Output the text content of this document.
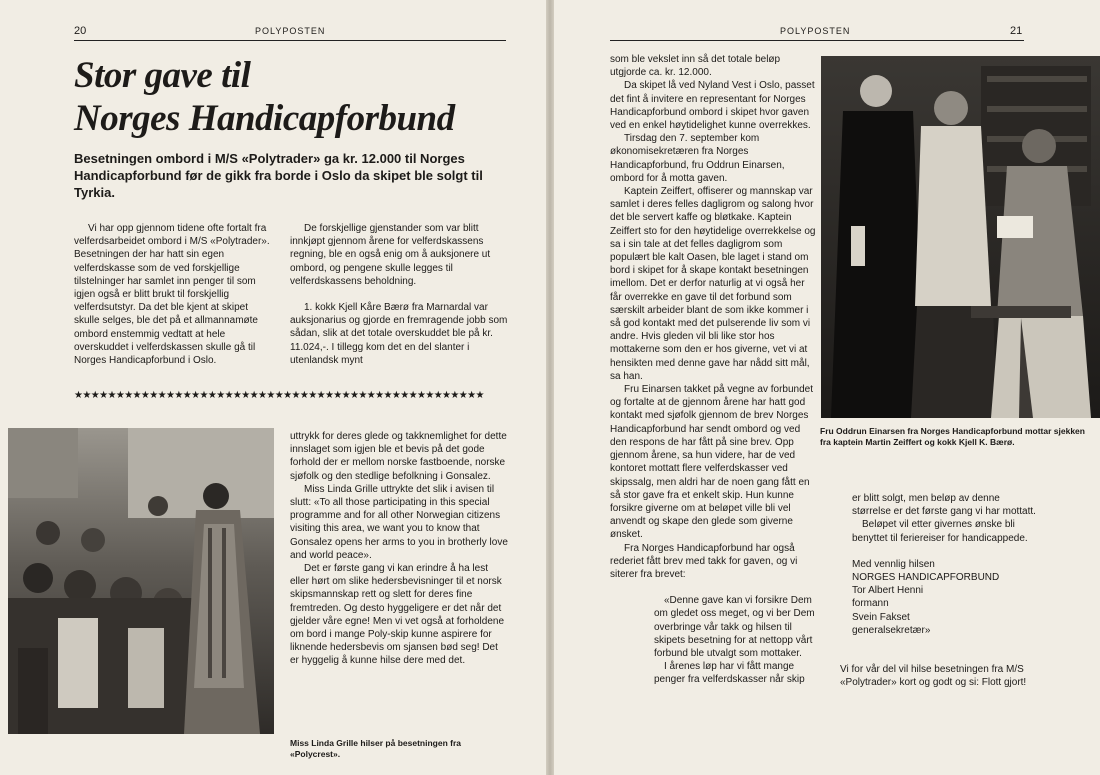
20	POLYPOSTEN
Stor gave til
Norges Handicapforbund
Besetningen ombord i M/S «Polytrader» ga kr. 12.000 til Norges Handicapforbund før de gikk fra borde i Oslo da skipet ble solgt til Tyrkia.

Vi har opp gjennom tidene ofte fortalt fra velferdsarbeidet ombord i M/S «Polytrader». Besetningen der har hatt sin egen velferdskasse som de ved forskjellige tilstelninger har samlet inn penger til som igjen også er blitt brukt til forskjellig velferdsutstyr. Da det ble kjent at skipet skulle selges, ble det på et allmannamøte ombord enstemmig vedtatt at hele overskuddet i velferdskassen skulle gå til Norges Handicapforbund i Oslo.

De forskjellige gjenstander som var blitt innkjøpt gjennom årene for velferdskassens regning, ble en også enig om å auksjonere ut ombord, og pengene skulle legges til velferdskassens beholdning.

1. kokk Kjell Kåre Bærø fra Marnardal var auksjonarius og gjorde en fremragende jobb som sådan, slik at det totale overskuddet ble på kr. 11.024,-. I tillegg kom det en del slanter i utenlandsk mynt

★★★★★★★★★★★★★★★★★★★★★★★★★★★★★★★★★★★★★★★★★★★★★★★★★

uttrykk for deres glede og takknemlighet for dette innslaget som igjen ble et bevis på det gode forhold der er mellom norske fastboende, norske sjøfolk og den stedlige befolkning i Gonsalez.

Miss Linda Grille uttrykte det slik i avisen til slutt: «To all those participating in this special programme and for all other Norwegian citizens visiting this area, we want you to know that Gonsalez opens her arms to you in brotherly love and world peace».

Det er første gang vi kan erindre å ha lest eller hørt om slike hedersbevisninger til et norsk skipsmannskap rett og slett for deres fine fremtreden. Og desto hyggeligere er det når det gjelder våre egne! Men vi vet også at forholdene om bord i mange Poly-skip kunne aspirere for liknende hedersbevis om sjansen bød seg! Det er hyggelig å kunne hilse dere med det.

Miss Linda Grille hilser på besetningen fra «Polycrest».
POLYPOSTEN	21

som ble vekslet inn så det totale beløp utgjorde ca. kr. 12.000.

Da skipet lå ved Nyland Vest i Oslo, passet det fint å invitere en representant for Norges Handicapforbund ombord i skipet hvor gaven ved en enkel høytidelighet kunne overrekkes.

Tirsdag den 7. september kom økonomisekretæren fra Norges Handicapforbund, fru Oddrun Einarsen, ombord for å motta gaven.

Kaptein Zeiffert, offiserer og mannskap var samlet i deres felles dagligrom og salong hvor det ble servert kaffe og bløtkake. Kaptein Zeiffert sto for den høytidelige overrekkelse og sa i sin tale at det felles dagligrom som populært ble kalt Oasen, ble laget i stand om bord i skipet for å skape kontakt besetningen imellom. Det er derfor naturlig at vi også her får overrekke en gave til det forbund som særskilt arbeider blant de som ikke kommer i så god kontakt med det pulserende liv som vi andre. Hvis gleden vil bli like stor hos mottakerne som den er hos giverne, vet vi at hensikten med denne gave har nådd sitt mål, sa han.

Fru Einarsen takket på vegne av forbundet og fortalte at de gjennom årene har hatt god kontakt med sjøfolk gjennom de brev Norges Handicapforbund har sendt ombord og ved den respons de har fått på sine brev. Opp gjennom årene, sa hun videre, har de ved kontoret mottatt flere velferdskasser ved skipssalg, men aldri har de noen gang fått en så stor gave fra et enkelt skip. Hun kunne forsikre giverne om at beløpet ville bli vel anvendt og skape den glede som giverne ønsket.

Fra Norges Handicapforbund har også rederiet fått brev med takk for gaven, og vi siterer fra brevet:

«Denne gave kan vi forsikre Dem om gledet oss meget, og vi ber Dem overbringe vår takk og hilsen til skipets besetning for at nettopp vårt forbund ble utvalgt som mottaker.

I årenes løp har vi fått mange penger fra velferdskasser når skip

Fru Oddrun Einarsen fra Norges Handicapforbund mottar sjekken fra kaptein Martin Zeiffert og kokk Kjell K. Bærø.

er blitt solgt, men beløp av denne størrelse er det første gang vi har mottatt.

Beløpet vil etter givernes ønske bli benyttet til feriereiser for handicappede.

Med vennlig hilsen
NORGES HANDICAPFORBUND
Tor Albert Henni
formann
Svein Fakset
generalsekretær»

Vi for vår del vil hilse besetningen fra M/S «Polytrader» kort og godt og si: Flott gjort!
